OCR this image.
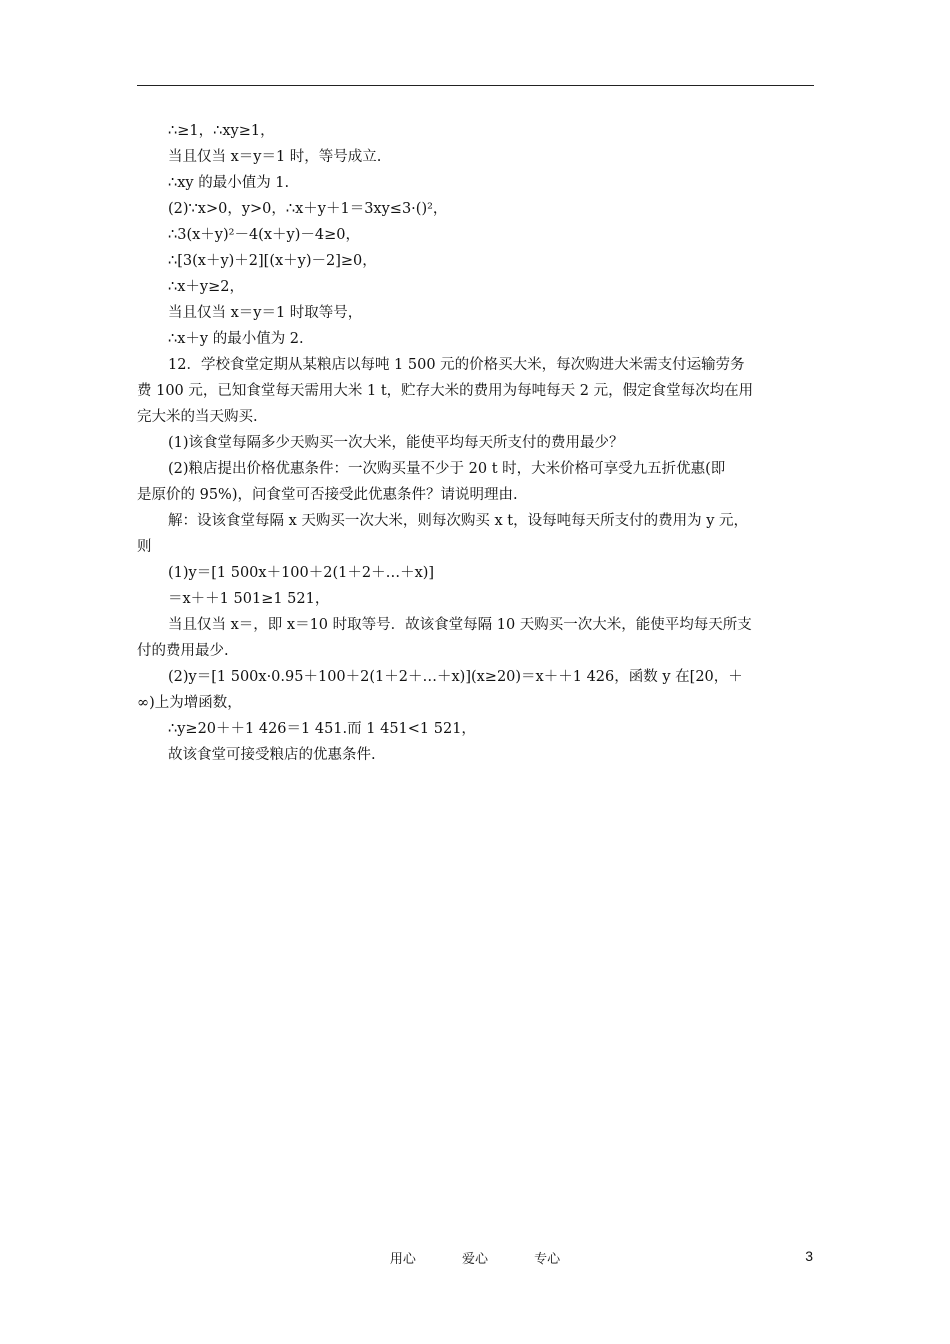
∴≥1，∴xy≥1，
当且仅当 x＝y＝1 时，等号成立.
∴xy 的最小值为 1.
(2)∵x>0，y>0，∴x＋y＋1＝3xy≤3·()²，
∴3(x＋y)²－4(x＋y)－4≥0，
∴[3(x＋y)＋2][(x＋y)－2]≥0，
∴x＋y≥2，
当且仅当 x＝y＝1 时取等号，
∴x＋y 的最小值为 2.
12．学校食堂定期从某粮店以每吨 1 500 元的价格买大米，每次购进大米需支付运输劳务
费 100 元，已知食堂每天需用大米 1 t，贮存大米的费用为每吨每天 2 元，假定食堂每次均在用
完大米的当天购买.
(1)该食堂每隔多少天购买一次大米，能使平均每天所支付的费用最少？
(2)粮店提出价格优惠条件：一次购买量不少于 20 t 时，大米价格可享受九五折优惠(即
是原价的 95%)，问食堂可否接受此优惠条件？请说明理由.
解：设该食堂每隔 x 天购买一次大米，则每次购买 x t，设每吨每天所支付的费用为 y 元，
则
(1)y＝[1 500x＋100＋2(1＋2＋…＋x)]
＝x＋＋1 501≥1 521，
当且仅当 x＝，即 x＝10 时取等号．故该食堂每隔 10 天购买一次大米，能使平均每天所支
付的费用最少.
(2)y＝[1 500x·0.95＋100＋2(1＋2＋…＋x)](x≥20)＝x＋＋1 426，函数 y 在[20，＋
∞)上为增函数，
∴y≥20＋＋1 426＝1 451.而 1 451<1 521，
故该食堂可接受粮店的优惠条件.
用心	爱心	专心	3
